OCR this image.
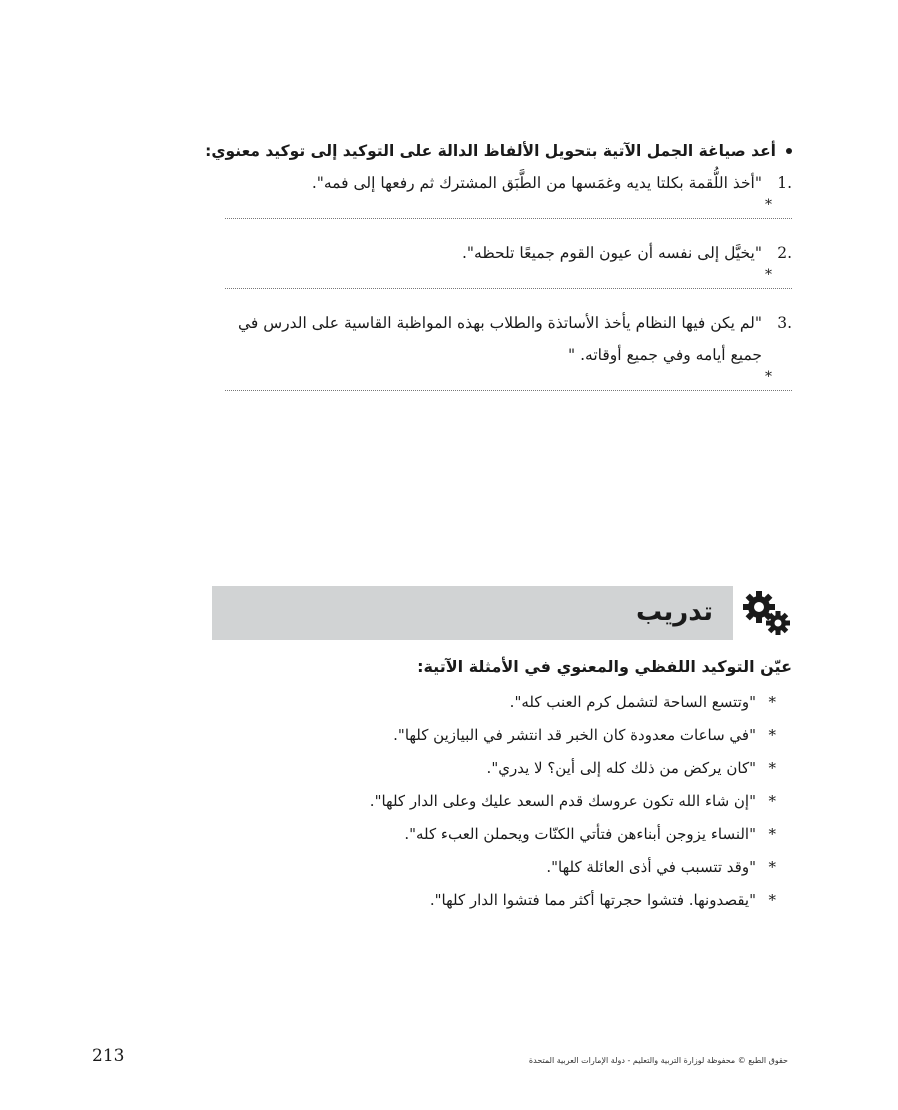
أعد صياغة الجمل الآتية بتحويل الألفاظ الدالة على التوكيد إلى توكيد معنوي:
1.
"أخذ اللُّقمة بكلتا يديه وغمَسها من الطَّبَق المشترك ثم رفعها إلى فمه".
*
2.
"يخيَّل إلى نفسه أن عيون القوم جميعًا تلحظه".
*
3.
"لم يكن فيها النظام يأخذ الأساتذة والطلاب بهذه المواظبة القاسية على الدرس في
جميع أيامه وفي جميع أوقاته. "
*
تدريب
عيّن التوكيد اللفظي والمعنوي في الأمثلة الآتية:
*
"وتتسع الساحة لتشمل كرم العنب كله".
*
"في ساعات معدودة كان الخبر قد انتشر في البيازين كلها".
*
"كان يركض من ذلك كله إلى أين؟ لا يدري".
*
"إن شاء الله تكون عروسك قدم السعد عليك وعلى الدار كلها".
*
"النساء يزوجن أبناءهن فتأتي الكنّات ويحملن العبء كله".
*
"وقد تتسبب في أذى العائلة كلها".
*
"يقصدونها. فتشوا حجرتها أكثر مما فتشوا الدار كلها".
213	حقوق الطبع © محفوظة لوزارة التربية والتعليم - دولة الإمارات العربية المتحدة
